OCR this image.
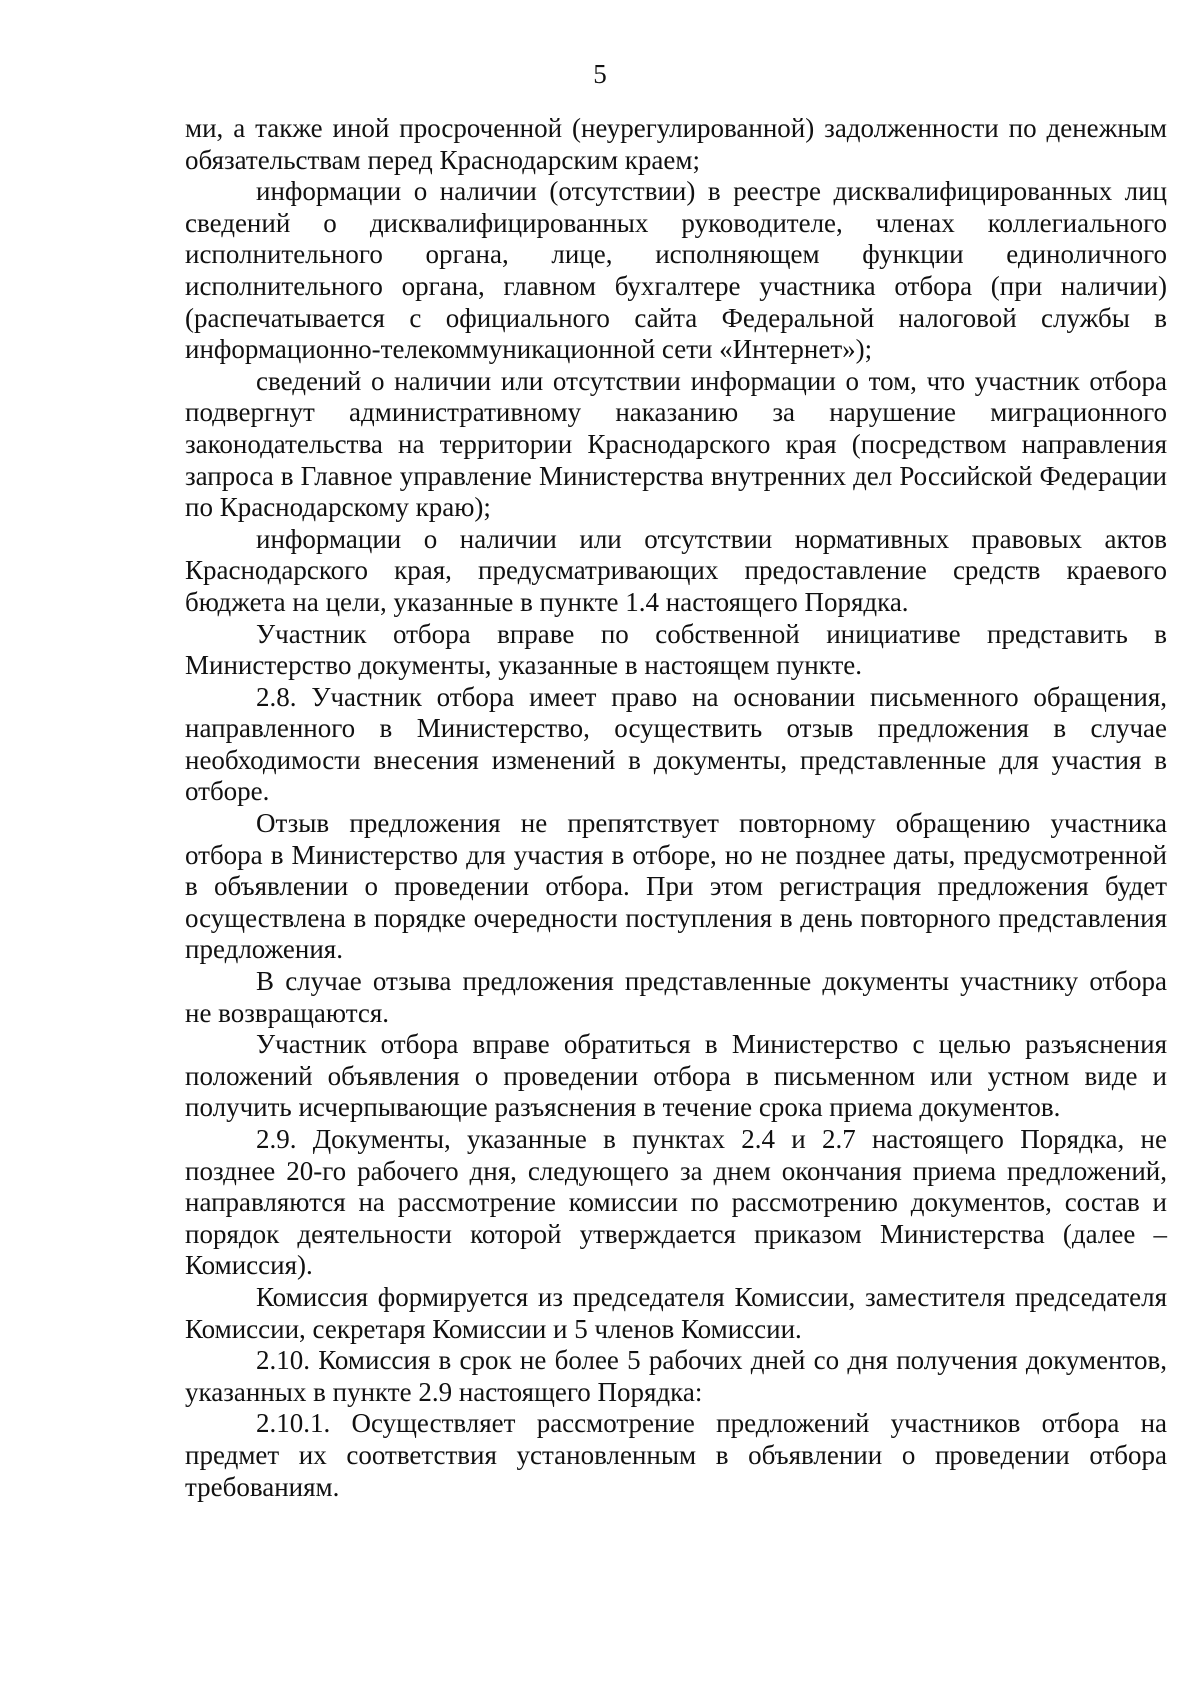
5

ми, а также иной просроченной (неурегулированной) задолженности по денежным обязательствам перед Краснодарским краем;

информации о наличии (отсутствии) в реестре дисквалифицированных лиц сведений о дисквалифицированных руководителе, членах коллегиального исполнительного органа, лице, исполняющем функции единоличного исполнительного органа, главном бухгалтере участника отбора (при наличии) (распечатывается с официального сайта Федеральной налоговой службы в информационно-телекоммуникационной сети «Интернет»);

сведений о наличии или отсутствии информации о том, что участник отбора подвергнут административному наказанию за нарушение миграционного законодательства на территории Краснодарского края (посредством направления запроса в Главное управление Министерства внутренних дел Российской Федерации по Краснодарскому краю);

информации о наличии или отсутствии нормативных правовых актов Краснодарского края, предусматривающих предоставление средств краевого бюджета на цели, указанные в пункте 1.4 настоящего Порядка.

Участник отбора вправе по собственной инициативе представить в Министерство документы, указанные в настоящем пункте.

2.8. Участник отбора имеет право на основании письменного обращения, направленного в Министерство, осуществить отзыв предложения в случае необходимости внесения изменений в документы, представленные для участия в отборе.

Отзыв предложения не препятствует повторному обращению участника отбора в Министерство для участия в отборе, но не позднее даты, предусмотренной в объявлении о проведении отбора. При этом регистрация предложения будет осуществлена в порядке очередности поступления в день повторного представления предложения.

В случае отзыва предложения представленные документы участнику отбора не возвращаются.

Участник отбора вправе обратиться в Министерство с целью разъяснения положений объявления о проведении отбора в письменном или устном виде и получить исчерпывающие разъяснения в течение срока приема документов.

2.9. Документы, указанные в пунктах 2.4 и 2.7 настоящего Порядка, не позднее 20-го рабочего дня, следующего за днем окончания приема предложений, направляются на рассмотрение комиссии по рассмотрению документов, состав и порядок деятельности которой утверждается приказом Министерства (далее – Комиссия).

Комиссия формируется из председателя Комиссии, заместителя председателя Комиссии, секретаря Комиссии и 5 членов Комиссии.

2.10. Комиссия в срок не более 5 рабочих дней со дня получения документов, указанных в пункте 2.9 настоящего Порядка:

2.10.1. Осуществляет рассмотрение предложений участников отбора на предмет их соответствия установленным в объявлении о проведении отбора требованиям.
